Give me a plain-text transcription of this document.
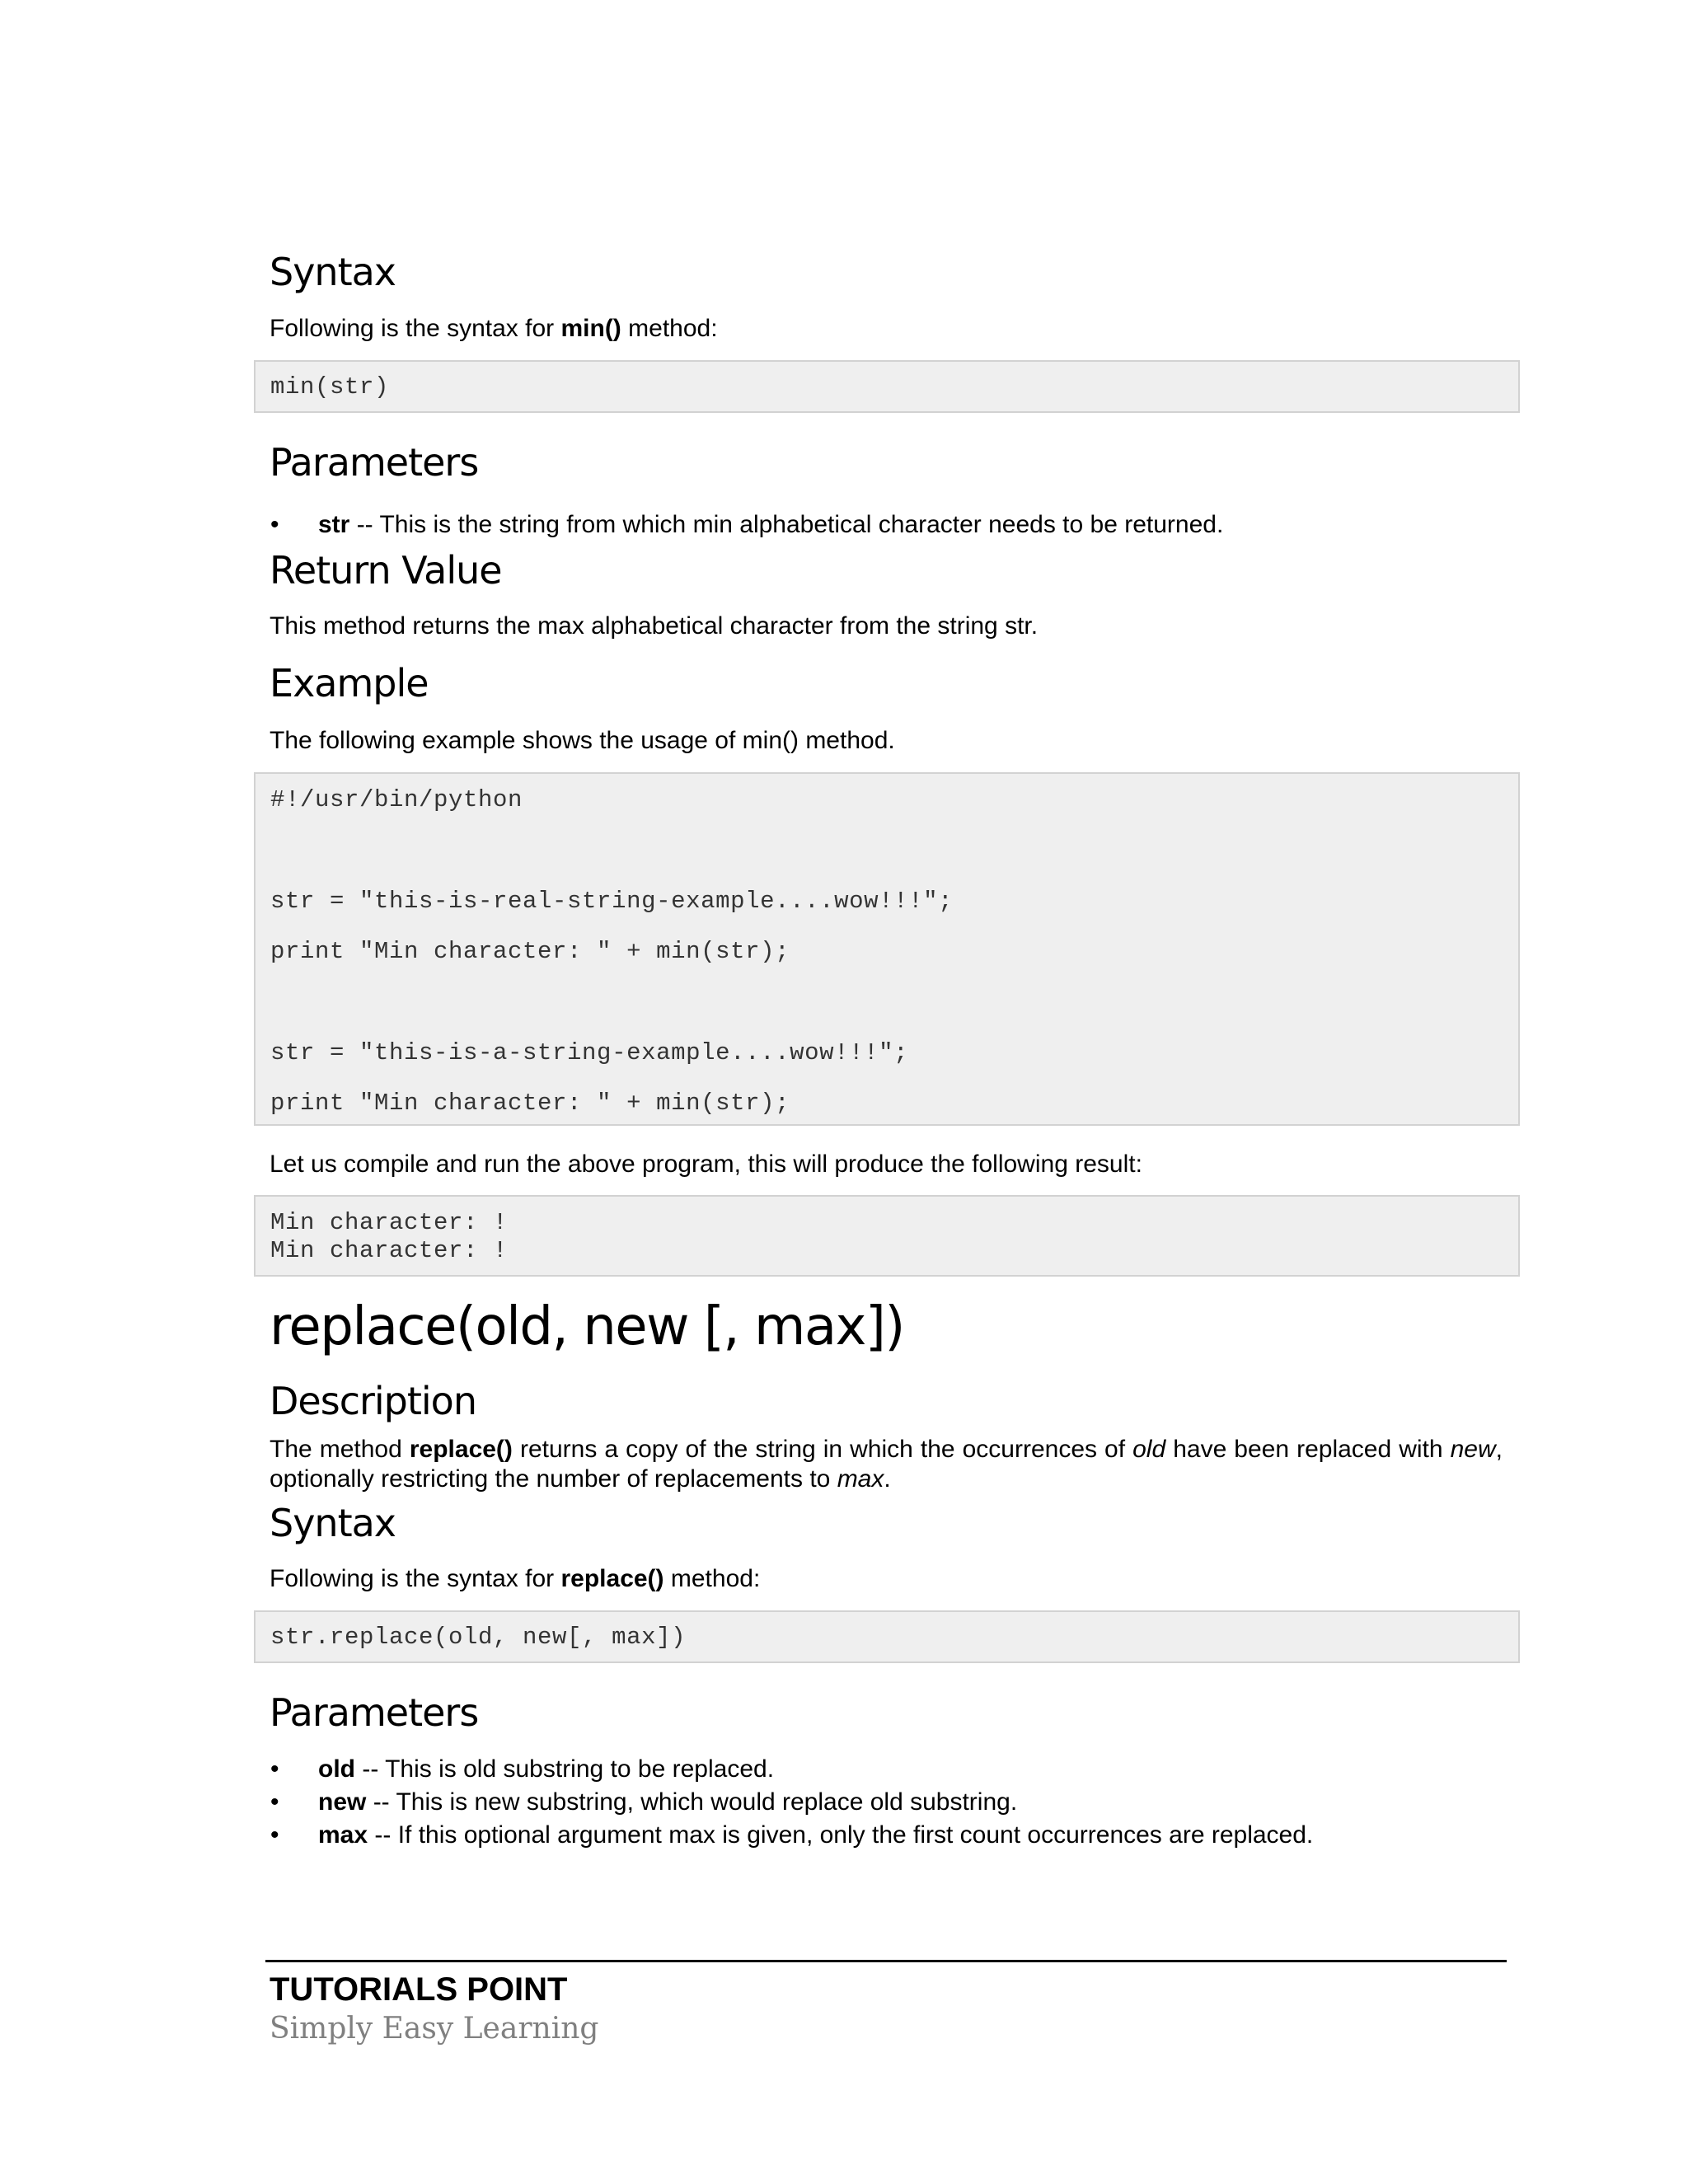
Syntax

Following is the syntax for min() method:

min(str)
Parameters
• str -- This is the string from which min alphabetical character needs to be returned.
Return Value

This method returns the max alphabetical character from the string str.

Example

The following example shows the usage of min() method.

#!/usr/bin/python
str = "this-is-real-string-example....wow!!!";
print "Min character: " + min(str);
str = "this-is-a-string-example....wow!!!";
print "Min character: " + min(str);

Let us compile and run the above program, this will produce the following result:

Min character: !
Min character: !
replace(old, new [, max])
Description

The method replace() returns a copy of the string in which the occurrences of old have been replaced with new, optionally restricting the number of replacements to max.

Syntax

Following is the syntax for replace() method:

str.replace(old, new[, max])
Parameters
• old -- This is old substring to be replaced.
• new -- This is new substring, which would replace old substring.
• max -- If this optional argument max is given, only the first count occurrences are replaced.
TUTORIALS POINT
Simply Easy Learning
